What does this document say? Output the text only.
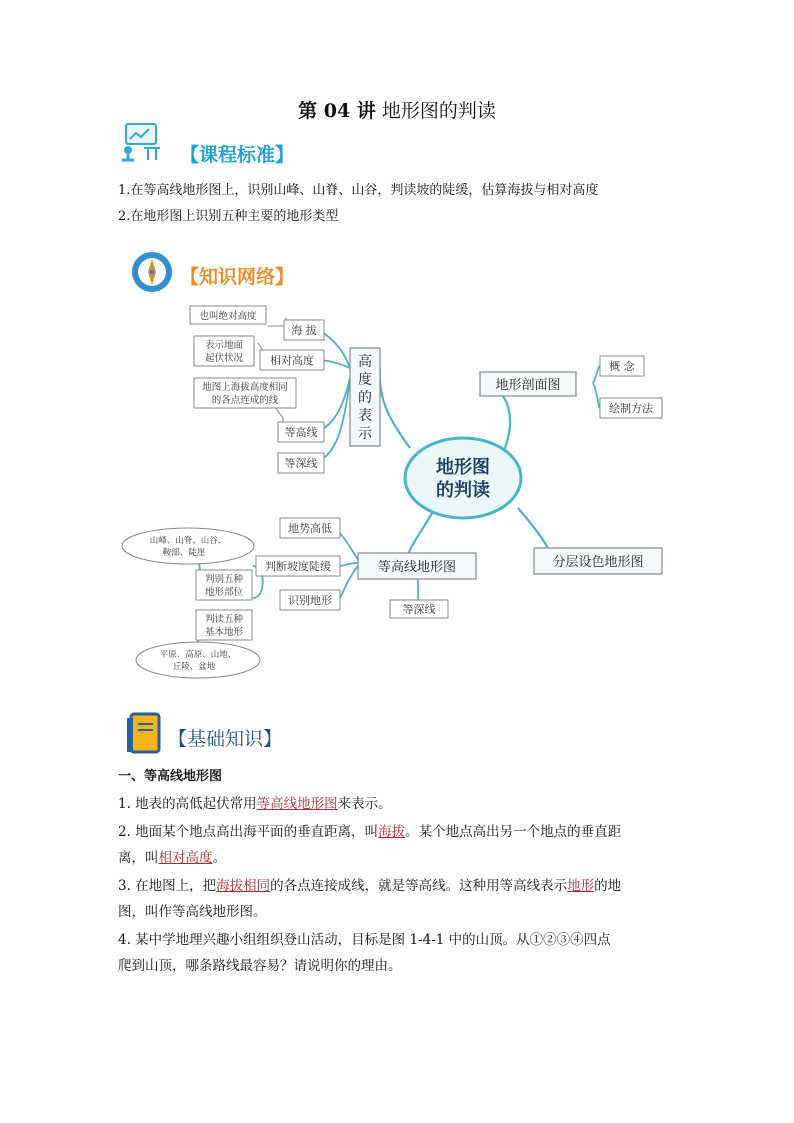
第 04 讲 地形图的判读
【课程标准】
1.在等高线地形图上，识别山峰、山脊、山谷，判读坡的陡缓，估算海拔与相对高度
2.在地形图上识别五种主要的地形类型
【知识网络】
地形图
的判读
高
度
的
表
示
海 拔
也叫绝对高度
相对高度
表示地面
起伏状况
地图上海拔高度相同
的各点连成的线
等高线
等深线
地形剖面图
概 念
绘制方法
等高线地形图
地势高低
判断坡度陡缓
识别地形
等深线
判别五种
地形部位
判读五种
基本地形
山峰、山脊、山谷、
鞍部、陡崖
平原、高原、山地、
丘陵、盆地
分层设色地形图
【基础知识】
一、等高线地形图
1. 地表的高低起伏常用等高线地形图来表示。
2. 地面某个地点高出海平面的垂直距离，叫海拔。某个地点高出另一个地点的垂直距
离，叫相对高度。
3. 在地图上，把海拔相同的各点连接成线，就是等高线。这种用等高线表示地形的地
图，叫作等高线地形图。
4. 某中学地理兴趣小组组织登山活动，目标是图 1-4-1 中的山顶。从①②③④四点
爬到山顶，哪条路线最容易？请说明你的理由。
